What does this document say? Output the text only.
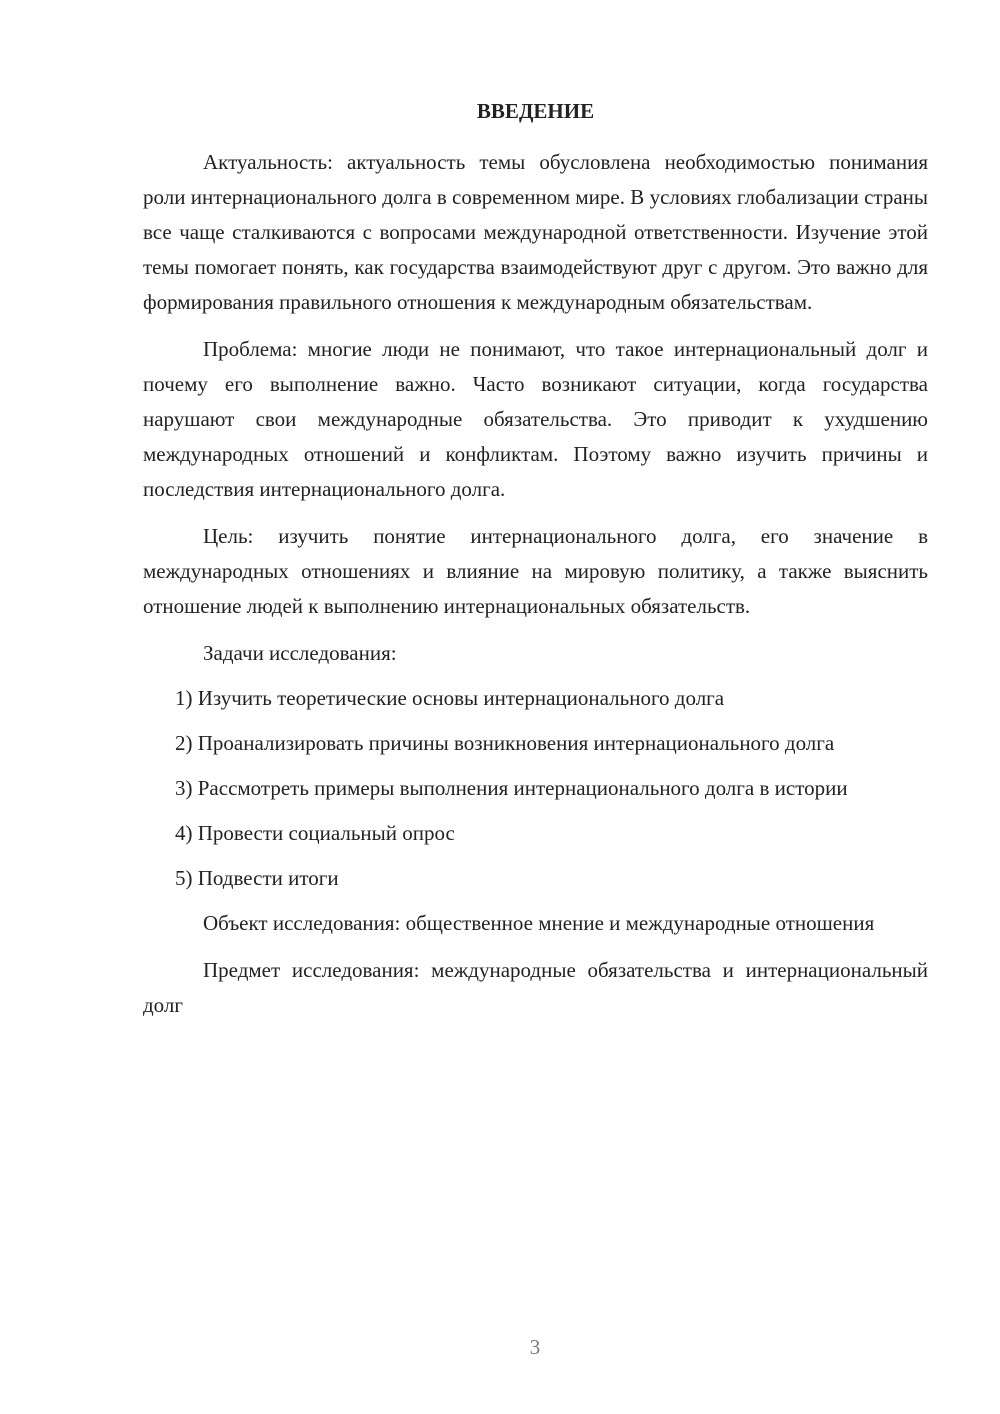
ВВЕДЕНИЕ

Актуальность: актуальность темы обусловлена необходимостью понимания роли интернационального долга в современном мире. В условиях глобализации страны все чаще сталкиваются с вопросами международной ответственности. Изучение этой темы помогает понять, как государства взаимодействуют друг с другом. Это важно для формирования правильного отношения к международным обязательствам.

Проблема: многие люди не понимают, что такое интернациональный долг и почему его выполнение важно. Часто возникают ситуации, когда государства нарушают свои международные обязательства. Это приводит к ухудшению международных отношений и конфликтам. Поэтому важно изучить причины и последствия интернационального долга.

Цель: изучить понятие интернационального долга, его значение в международных отношениях и влияние на мировую политику, а также выяснить отношение людей к выполнению интернациональных обязательств.

Задачи исследования:

1) Изучить теоретические основы интернационального долга

2) Проанализировать причины возникновения интернационального долга

3) Рассмотреть примеры выполнения интернационального долга в истории

4) Провести социальный опрос

5) Подвести итоги

Объект исследования: общественное мнение и международные отношения

Предмет исследования: международные обязательства и интернациональный долг

3
